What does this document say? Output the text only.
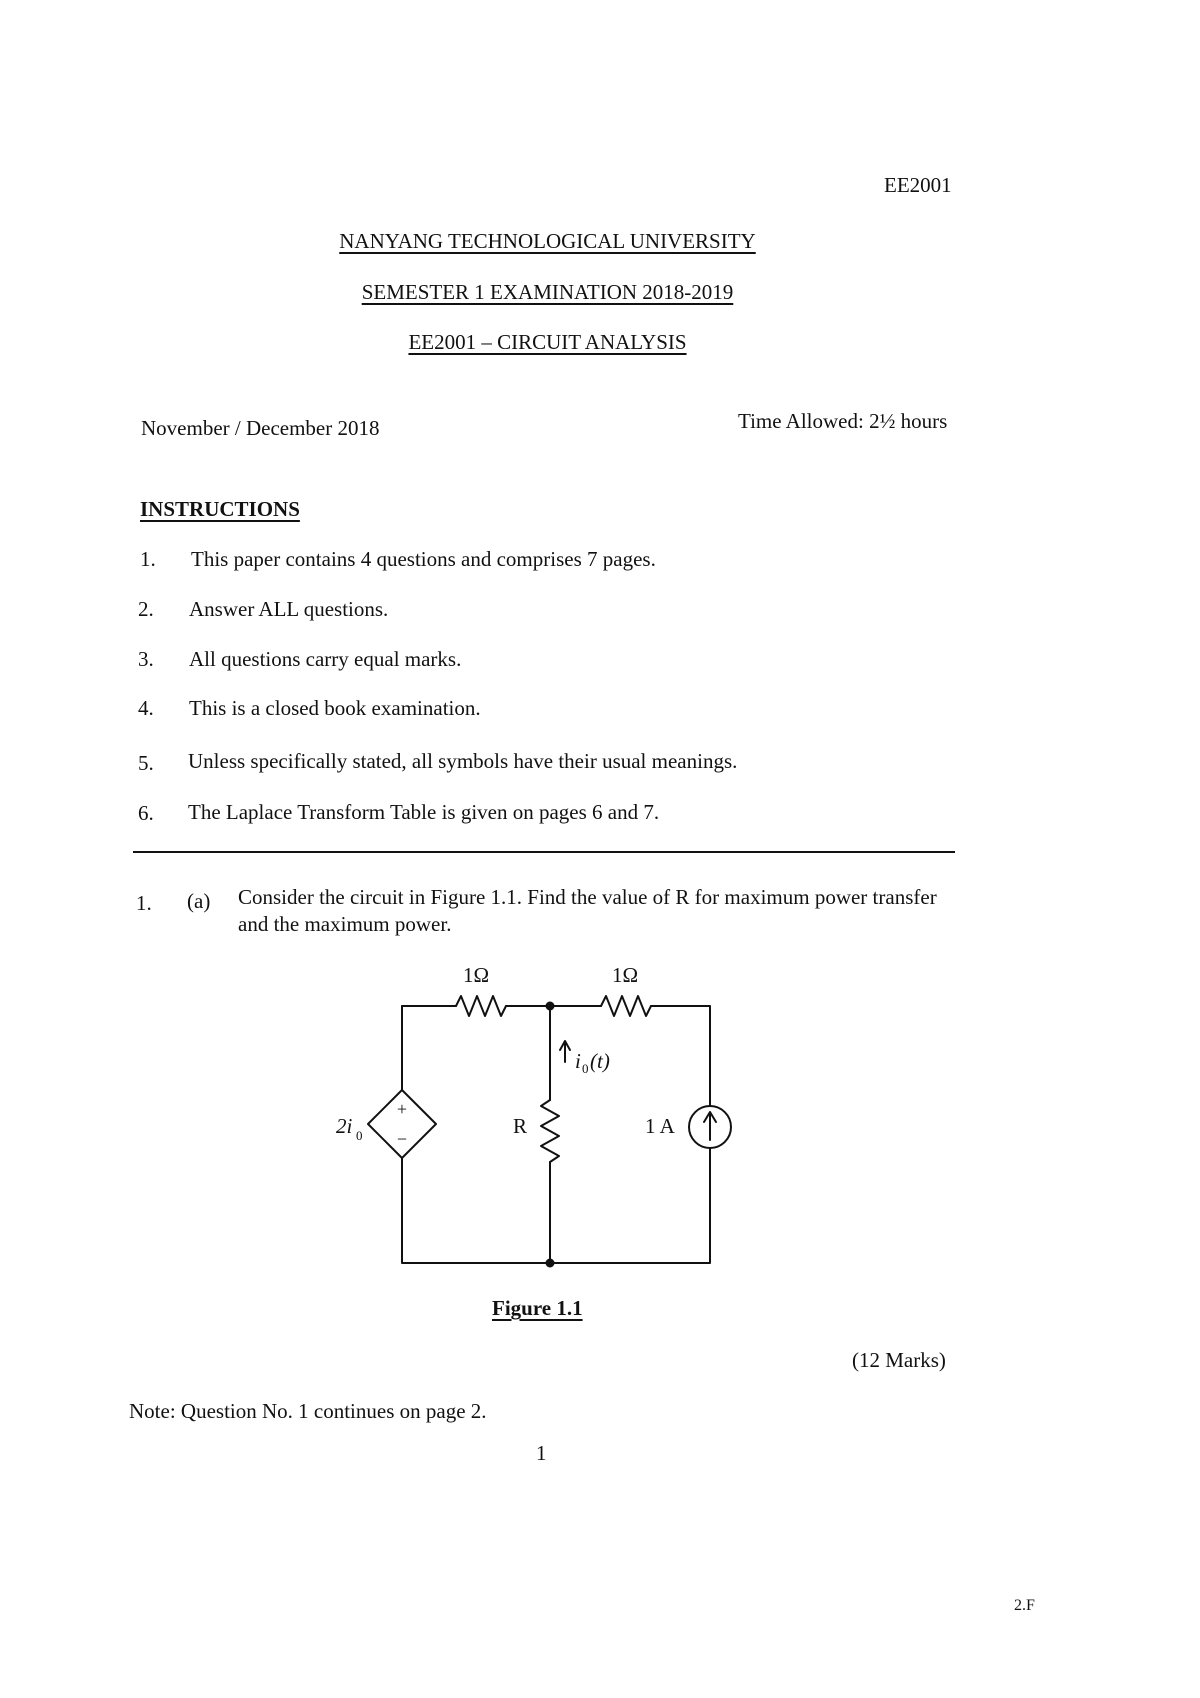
EE2001
NANYANG TECHNOLOGICAL UNIVERSITY
SEMESTER 1 EXAMINATION 2018-2019
EE2001 – CIRCUIT ANALYSIS
November / December 2018	Time Allowed: 2½ hours
INSTRUCTIONS
1. This paper contains 4 questions and comprises 7 pages.
2. Answer ALL questions.
3. All questions carry equal marks.
4. This is a closed book examination.
5. Unless specifically stated, all symbols have their usual meanings.
6. The Laplace Transform Table is given on pages 6 and 7.
1. (a) Consider the circuit in Figure 1.1. Find the value of R for maximum power transfer
and the maximum power.
+
−
1Ω	1Ω
2i 0
i 0 (t)
R	1 A
Figure 1.1
(12 Marks)
Note: Question No. 1 continues on page 2.
1
2.F
